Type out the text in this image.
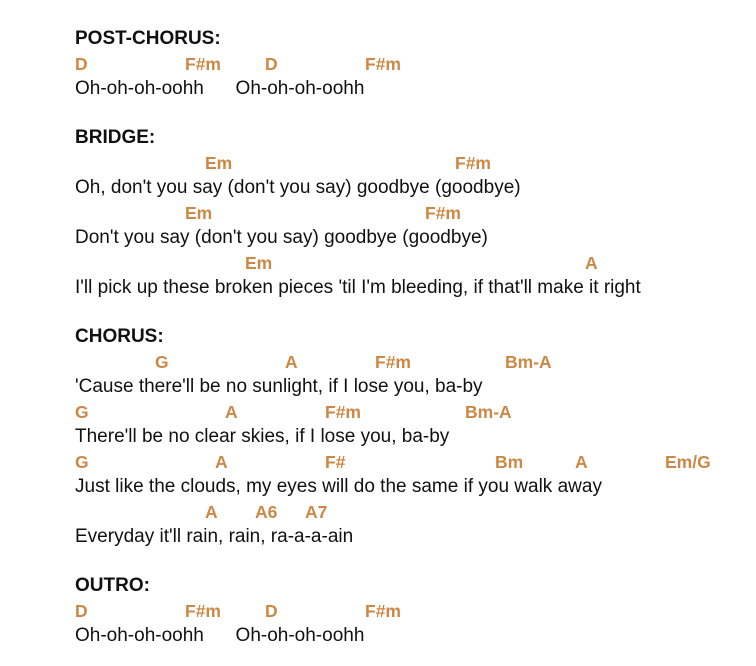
POST-CHORUS:
D	F#m	D	F#m
Oh-oh-oh-oohh      Oh-oh-oh-oohh
BRIDGE:
Em	F#m
Oh, don't you say (don't you say) goodbye (goodbye)
Em	F#m
Don't you say (don't you say) goodbye (goodbye)
Em	A
I'll pick up these broken pieces 'til I'm bleeding, if that'll make it right
CHORUS:
G	A	F#m	Bm-A
'Cause there'll be no sunlight, if I lose you, ba-by
G	A	F#m	Bm-A
There'll be no clear skies, if I lose you, ba-by
G	A	F#	Bm	A	Em/G
Just like the clouds, my eyes will do the same if you walk away
A A6 A7
Everyday it'll rain, rain, ra-a-a-ain
OUTRO:
D	F#m	D	F#m
Oh-oh-oh-oohh      Oh-oh-oh-oohh
